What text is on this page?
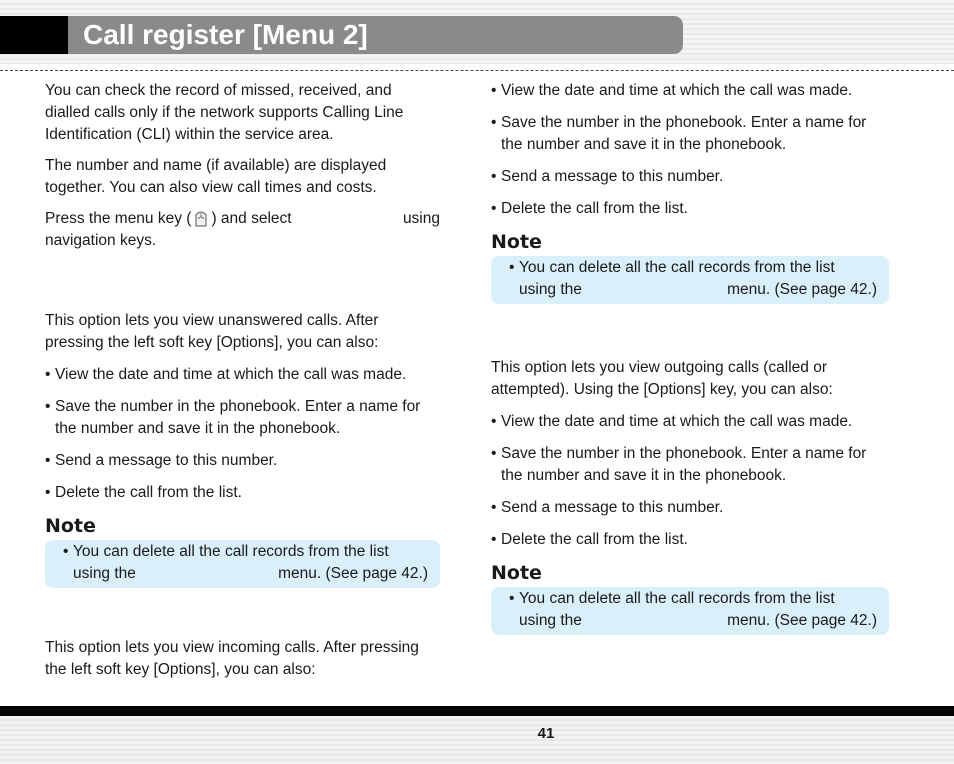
Call register [Menu 2]

You can check the record of missed, received, and dialled calls only if the network supports Calling Line Identification (CLI) within the service area.

The number and name (if available) are displayed together. You can also view call times and costs.

Press the menu key ( ) and select	using
navigation keys.

This option lets you view unanswered calls. After pressing the left soft key [Options], you can also:

• View the date and time at which the call was made.

• Save the number in the phonebook. Enter a name for the number and save it in the phonebook.

• Send a message to this number.

• Delete the call from the list.

Note

• You can delete all the call records from the list
using the	menu. (See page 42.)

This option lets you view incoming calls. After pressing the left soft key [Options], you can also:

• View the date and time at which the call was made.

• Save the number in the phonebook. Enter a name for the number and save it in the phonebook.

• Send a message to this number.

• Delete the call from the list.

Note

• You can delete all the call records from the list
using the	menu. (See page 42.)

This option lets you view outgoing calls (called or attempted). Using the [Options] key, you can also:

• View the date and time at which the call was made.

• Save the number in the phonebook. Enter a name for the number and save it in the phonebook.

• Send a message to this number.

• Delete the call from the list.

Note

• You can delete all the call records from the list
using the	menu. (See page 42.)

41
